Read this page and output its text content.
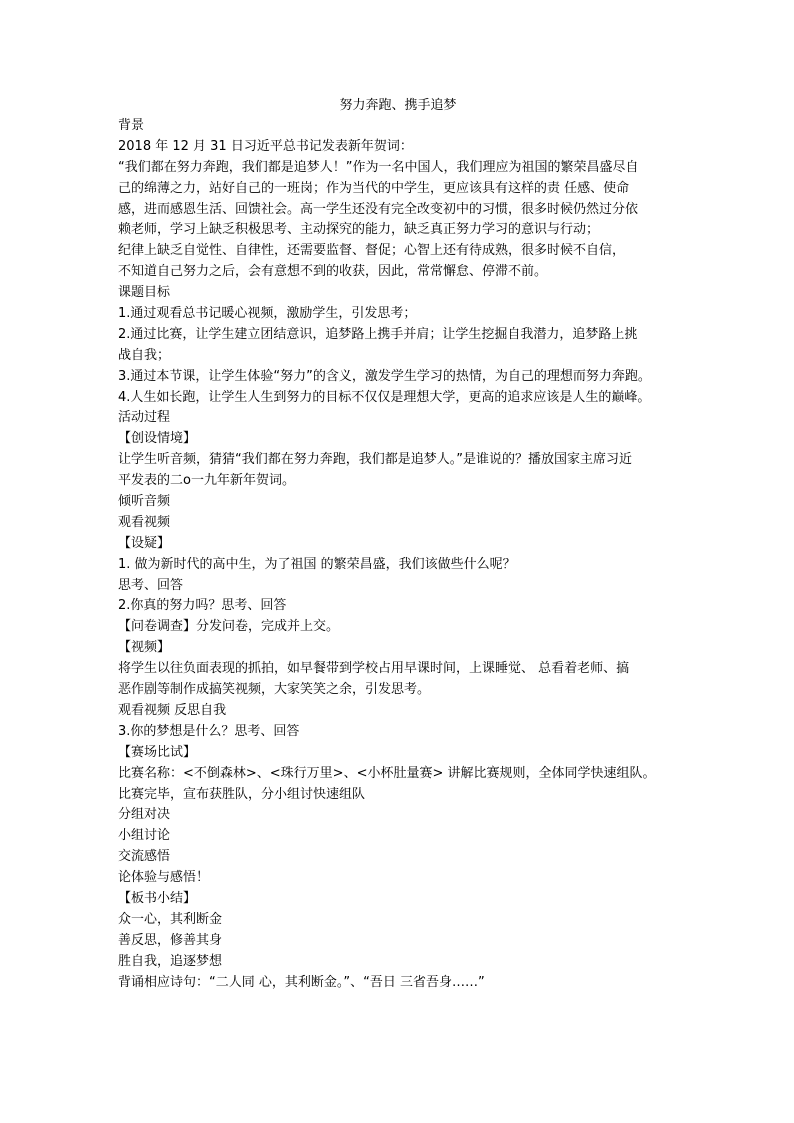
努力奔跑、携手追梦
背景
2018 年 12 月 31 日习近平总书记发表新年贺词：
“我们都在努力奔跑，我们都是追梦人！”作为一名中国人，我们理应为祖国的繁荣昌盛尽自
己的绵薄之力，站好自己的一班岗；作为当代的中学生，更应该具有这样的责 任感、使命
感，进而感恩生活、回馈社会。高一学生还没有完全改变初中的习惯，很多时候仍然过分依
赖老师，学习上缺乏积极思考、主动探究的能力，缺乏真正努力学习的意识与行动；
纪律上缺乏自觉性、自律性，还需要监督、督促；心智上还有待成熟，很多时候不自信，
不知道自己努力之后，会有意想不到的收获，因此，常常懈怠、停滞不前。
课题目标
1.通过观看总书记暖心视频，激励学生，引发思考；
2.通过比赛，让学生建立团结意识，追梦路上携手并肩；让学生挖掘自我潜力，追梦路上挑
战自我；
3.通过本节课，让学生体验“努力”的含义，激发学生学习的热情，为自己的理想而努力奔跑。
4.人生如长跑，让学生人生到努力的目标不仅仅是理想大学，更高的追求应该是人生的巅峰。
活动过程
【创设情境】
让学生听音频，猜猜“我们都在努力奔跑，我们都是追梦人。”是谁说的？播放国家主席习近
平发表的二o一九年新年贺词。
倾听音频
观看视频
【设疑】
1. 做为新时代的高中生，为了祖国 的繁荣昌盛，我们该做些什么呢？
思考、回答
2.你真的努力吗？思考、回答
【问卷调查】分发问卷，完成并上交。
【视频】
将学生以往负面表现的抓拍，如早餐带到学校占用早课时间，上课睡觉、 总看着老师、搞
恶作剧等制作成搞笑视频，大家笑笑之余，引发思考。
观看视频 反思自我
3.你的梦想是什么？思考、回答
【赛场比试】
比赛名称：<不倒森林>、<珠行万里>、<小杯肚量赛> 讲解比赛规则，全体同学快速组队。
比赛完毕，宣布获胜队，分小组讨快速组队
分组对决
小组讨论
交流感悟
论体验与感悟！
【板书小结】
众一心，其利断金
善反思，修善其身
胜自我，追逐梦想
背诵相应诗句：“二人同 心，其利断金。”、“吾日 三省吾身……”
